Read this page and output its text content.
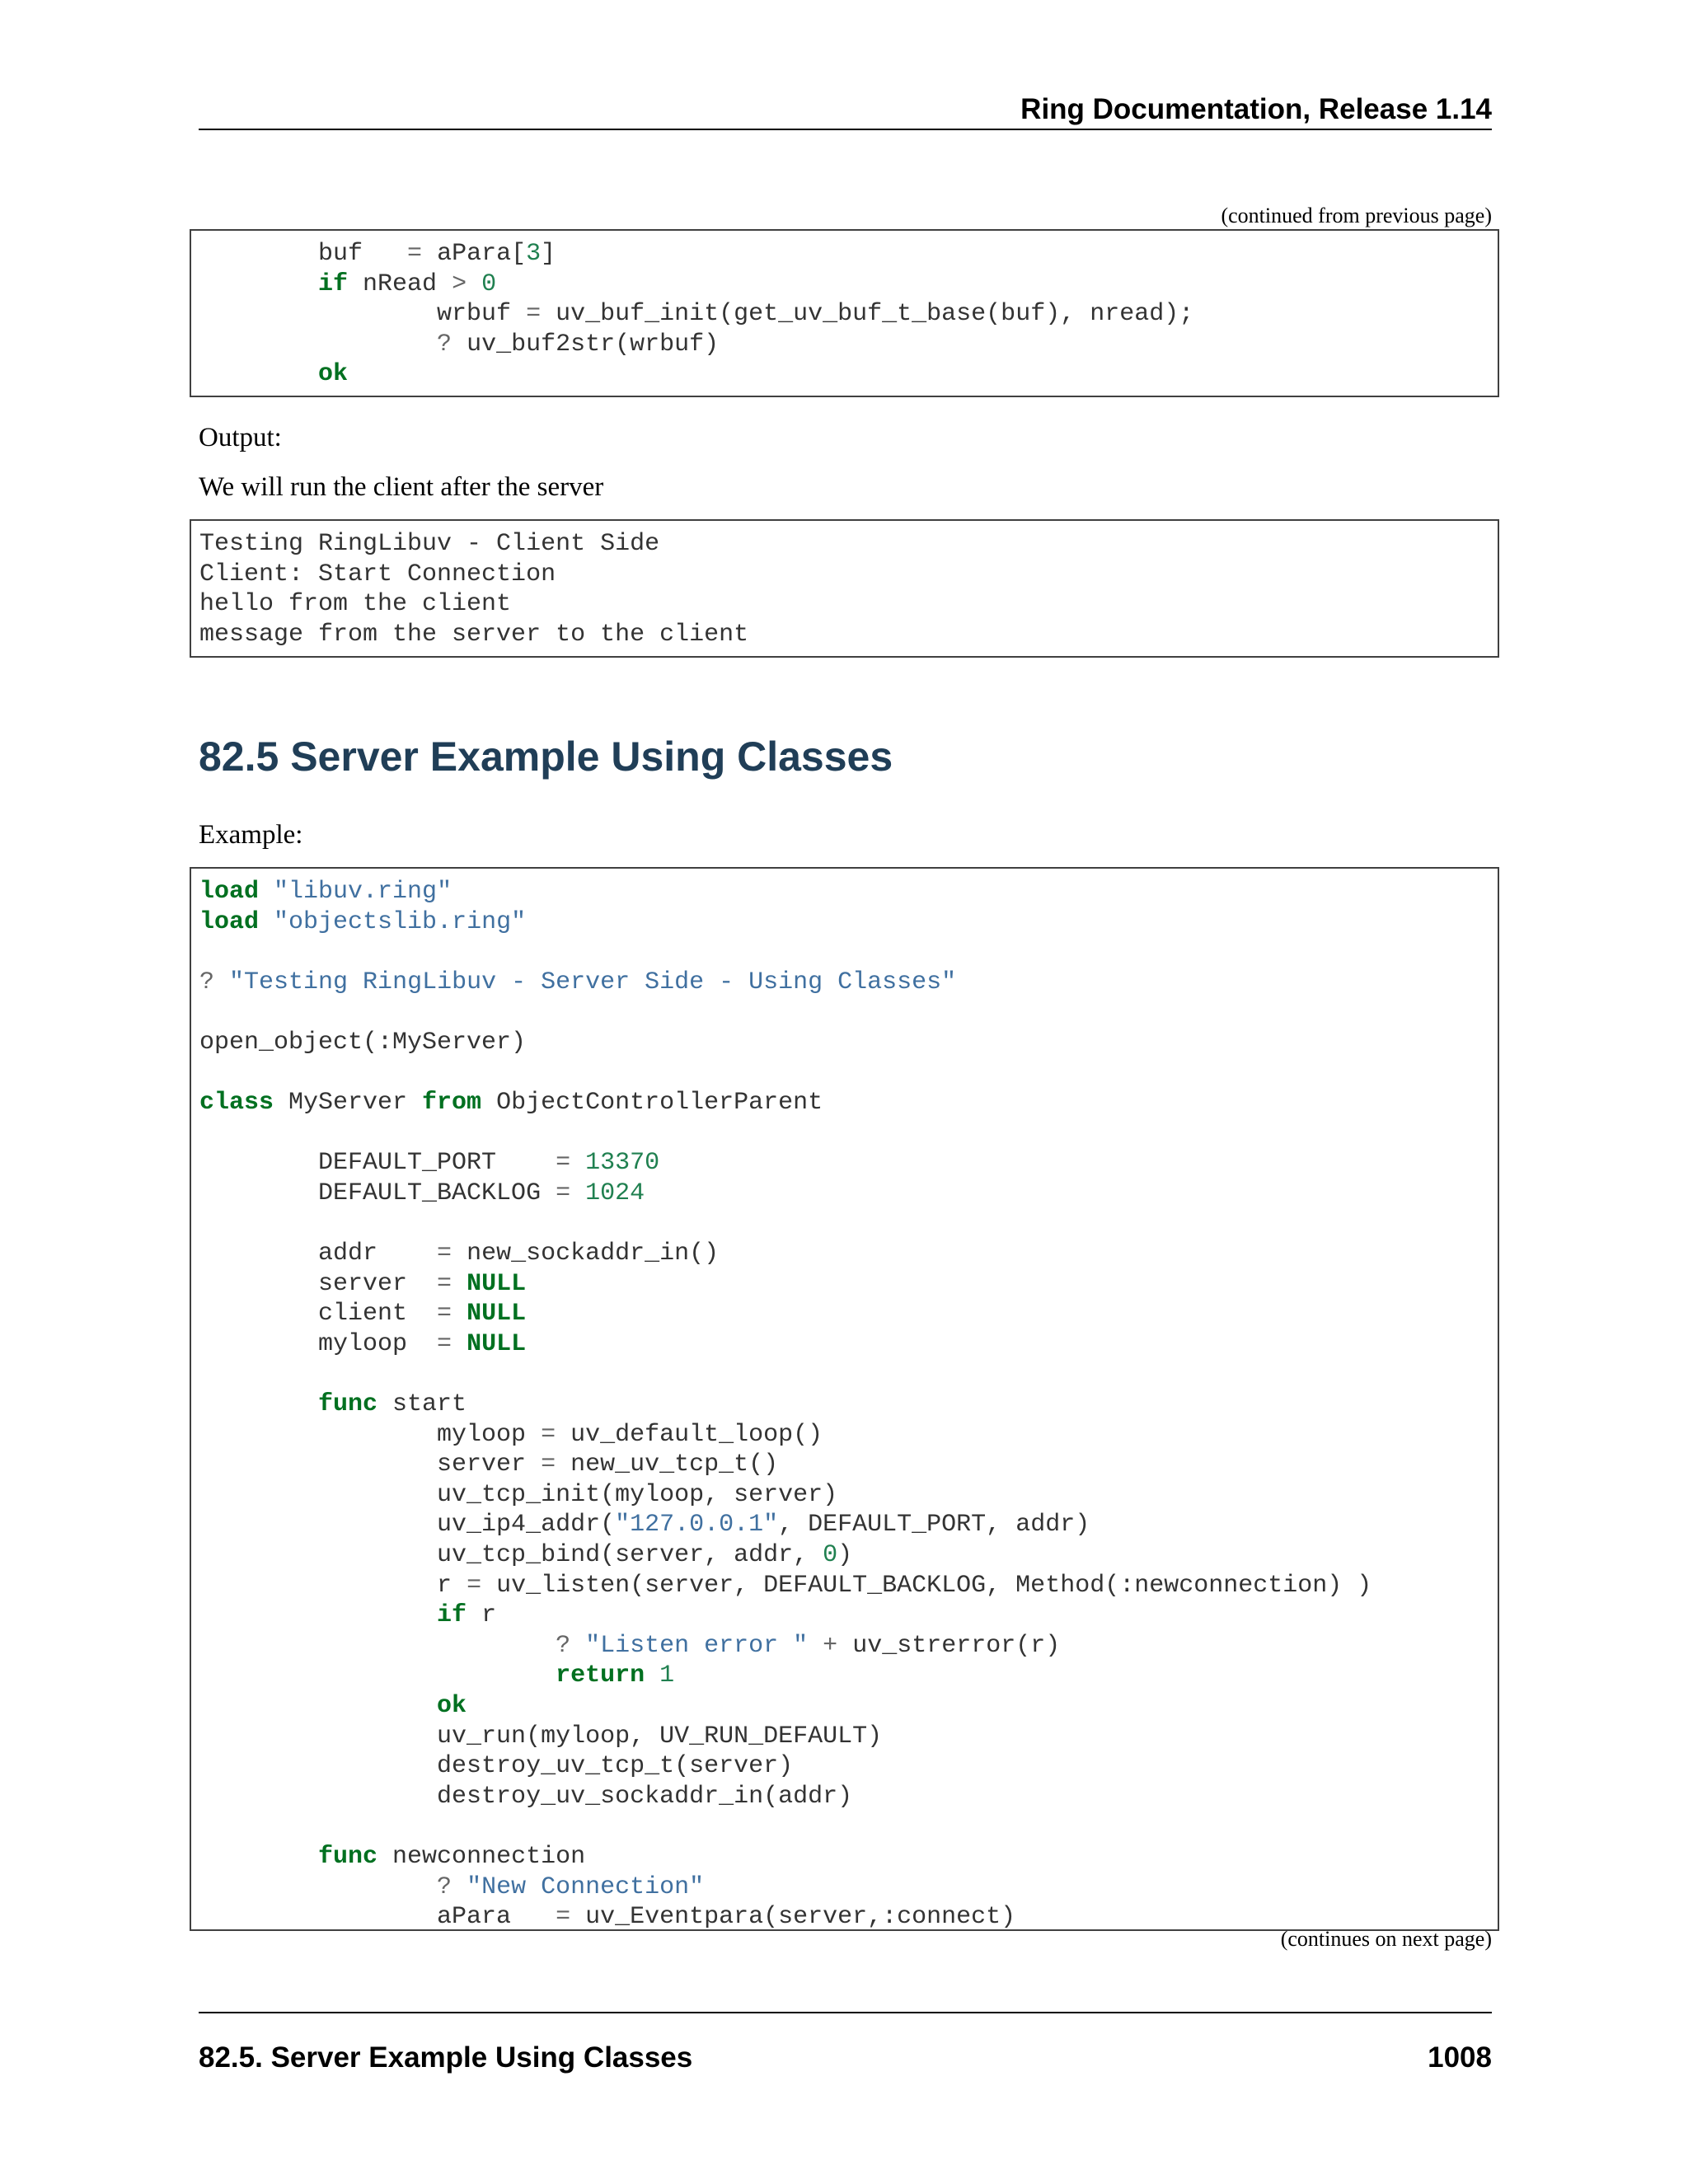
Ring Documentation, Release 1.14
(continued from previous page)
buf   = aPara[3]
if nRead > 0
wrbuf = uv_buf_init(get_uv_buf_t_base(buf), nread);
? uv_buf2str(wrbuf)
ok
Output:
We will run the client after the server
Testing RingLibuv - Client Side
Client: Start Connection
hello from the client
message from the server to the client
82.5 Server Example Using Classes
Example:
load "libuv.ring"
load "objectslib.ring"

? "Testing RingLibuv - Server Side - Using Classes"

open_object(:MyServer)

class MyServer from ObjectControllerParent

DEFAULT_PORT    = 13370
DEFAULT_BACKLOG = 1024

addr    = new_sockaddr_in()
server  = NULL
client  = NULL
myloop  = NULL

func start
myloop = uv_default_loop()
server = new_uv_tcp_t()
uv_tcp_init(myloop, server)
uv_ip4_addr("127.0.0.1", DEFAULT_PORT, addr)
uv_tcp_bind(server, addr, 0)
r = uv_listen(server, DEFAULT_BACKLOG, Method(:newconnection) )
if r
? "Listen error " + uv_strerror(r)
return 1
ok
uv_run(myloop, UV_RUN_DEFAULT)
destroy_uv_tcp_t(server)
destroy_uv_sockaddr_in(addr)

func newconnection
? "New Connection"
aPara   = uv_Eventpara(server,:connect)
(continues on next page)
82.5. Server Example Using Classes	1008
